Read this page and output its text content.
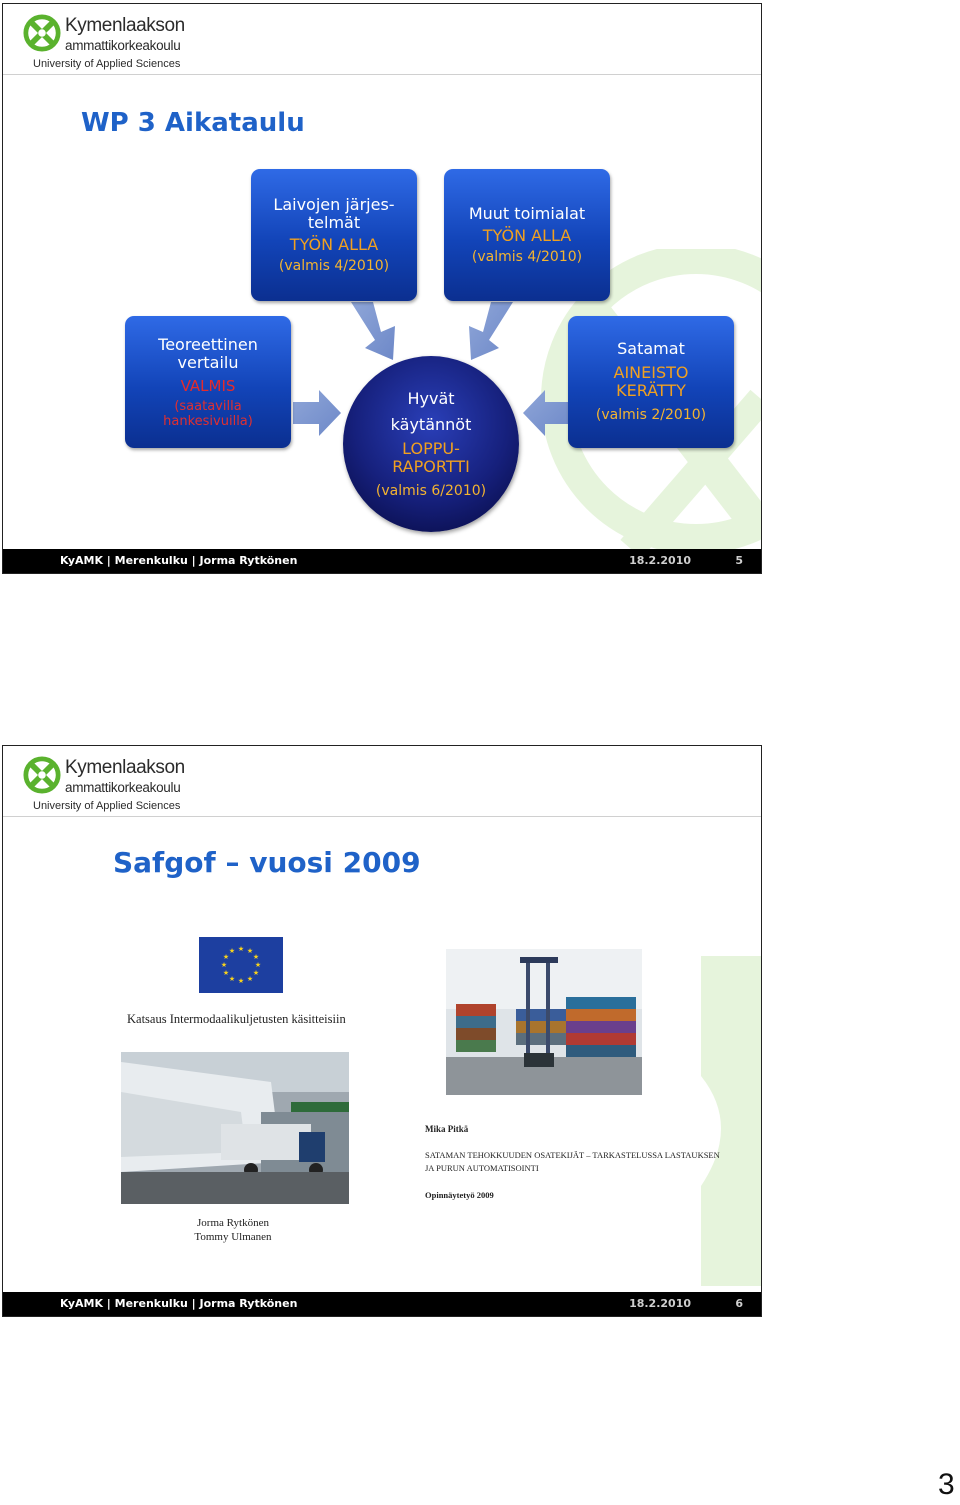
Kymenlaakson
ammattikorkeakoulu
University of Applied Sciences
WP 3 Aikataulu
Laivojen järjes-
telmät
TYÖN ALLA
(valmis 4/2010)
Muut toimialat
TYÖN ALLA
(valmis 4/2010)
Teoreettinen
vertailu
VALMIS
(saatavilla
hankesivuilla)
Satamat
AINEISTO
KERÄTTY
(valmis 2/2010)
Hyvät
käytännöt
LOPPU-
RAPORTTI
(valmis 6/2010)
KyAMK | Merenkulku | Jorma Rytkönen	18.2.2010	5
Kymenlaakson
ammattikorkeakoulu
University of Applied Sciences
Safgof – vuosi 2009
★ ★
★
★
★
★
★
★
★
★
★
★
Katsaus Intermodaalikuljetusten käsitteisiin
Jorma Rytkönen
Tommy Ulmanen
Mika Pitkä
SATAMAN TEHOKKUUDEN OSATEKIJÄT – TARKASTELUSSA LASTAUKSEN
JA PURUN AUTOMATISOINTI
Opinnäytetyö 2009
KyAMK | Merenkulku | Jorma Rytkönen	18.2.2010	6
3
